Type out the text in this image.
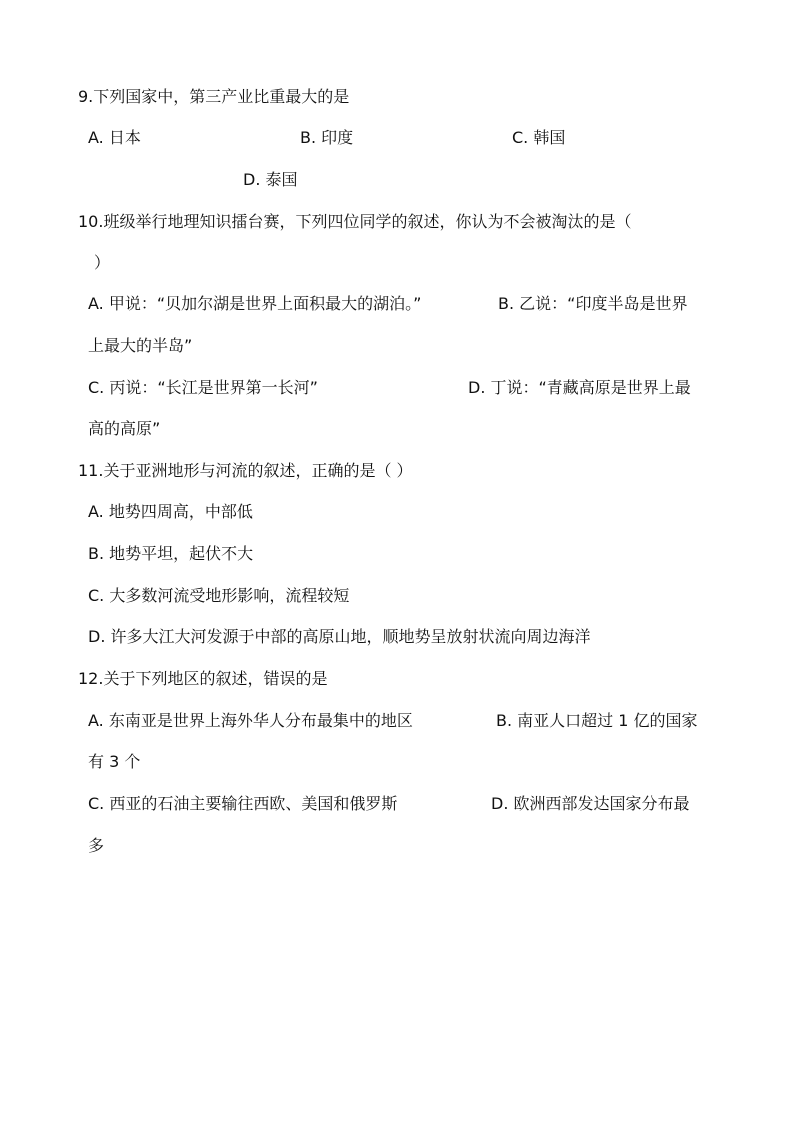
9.下列国家中，第三产业比重最大的是
A. 日本	B. 印度	C. 韩国
D. 泰国
10.班级举行地理知识擂台赛，下列四位同学的叙述，你认为不会被淘汰的是（
）
A. 甲说：“贝加尔湖是世界上面积最大的湖泊。”	B. 乙说：“印度半岛是世界
上最大的半岛”
C. 丙说：“长江是世界第一长河”	D. 丁说：“青藏高原是世界上最
高的高原”
11.关于亚洲地形与河流的叙述，正确的是（ ）
A. 地势四周高，中部低
B. 地势平坦，起伏不大
C. 大多数河流受地形影响，流程较短
D. 许多大江大河发源于中部的高原山地，顺地势呈放射状流向周边海洋
12.关于下列地区的叙述，错误的是
A. 东南亚是世界上海外华人分布最集中的地区	B. 南亚人口超过 1 亿的国家
有 3 个
C. 西亚的石油主要输往西欧、美国和俄罗斯	D. 欧洲西部发达国家分布最
多
